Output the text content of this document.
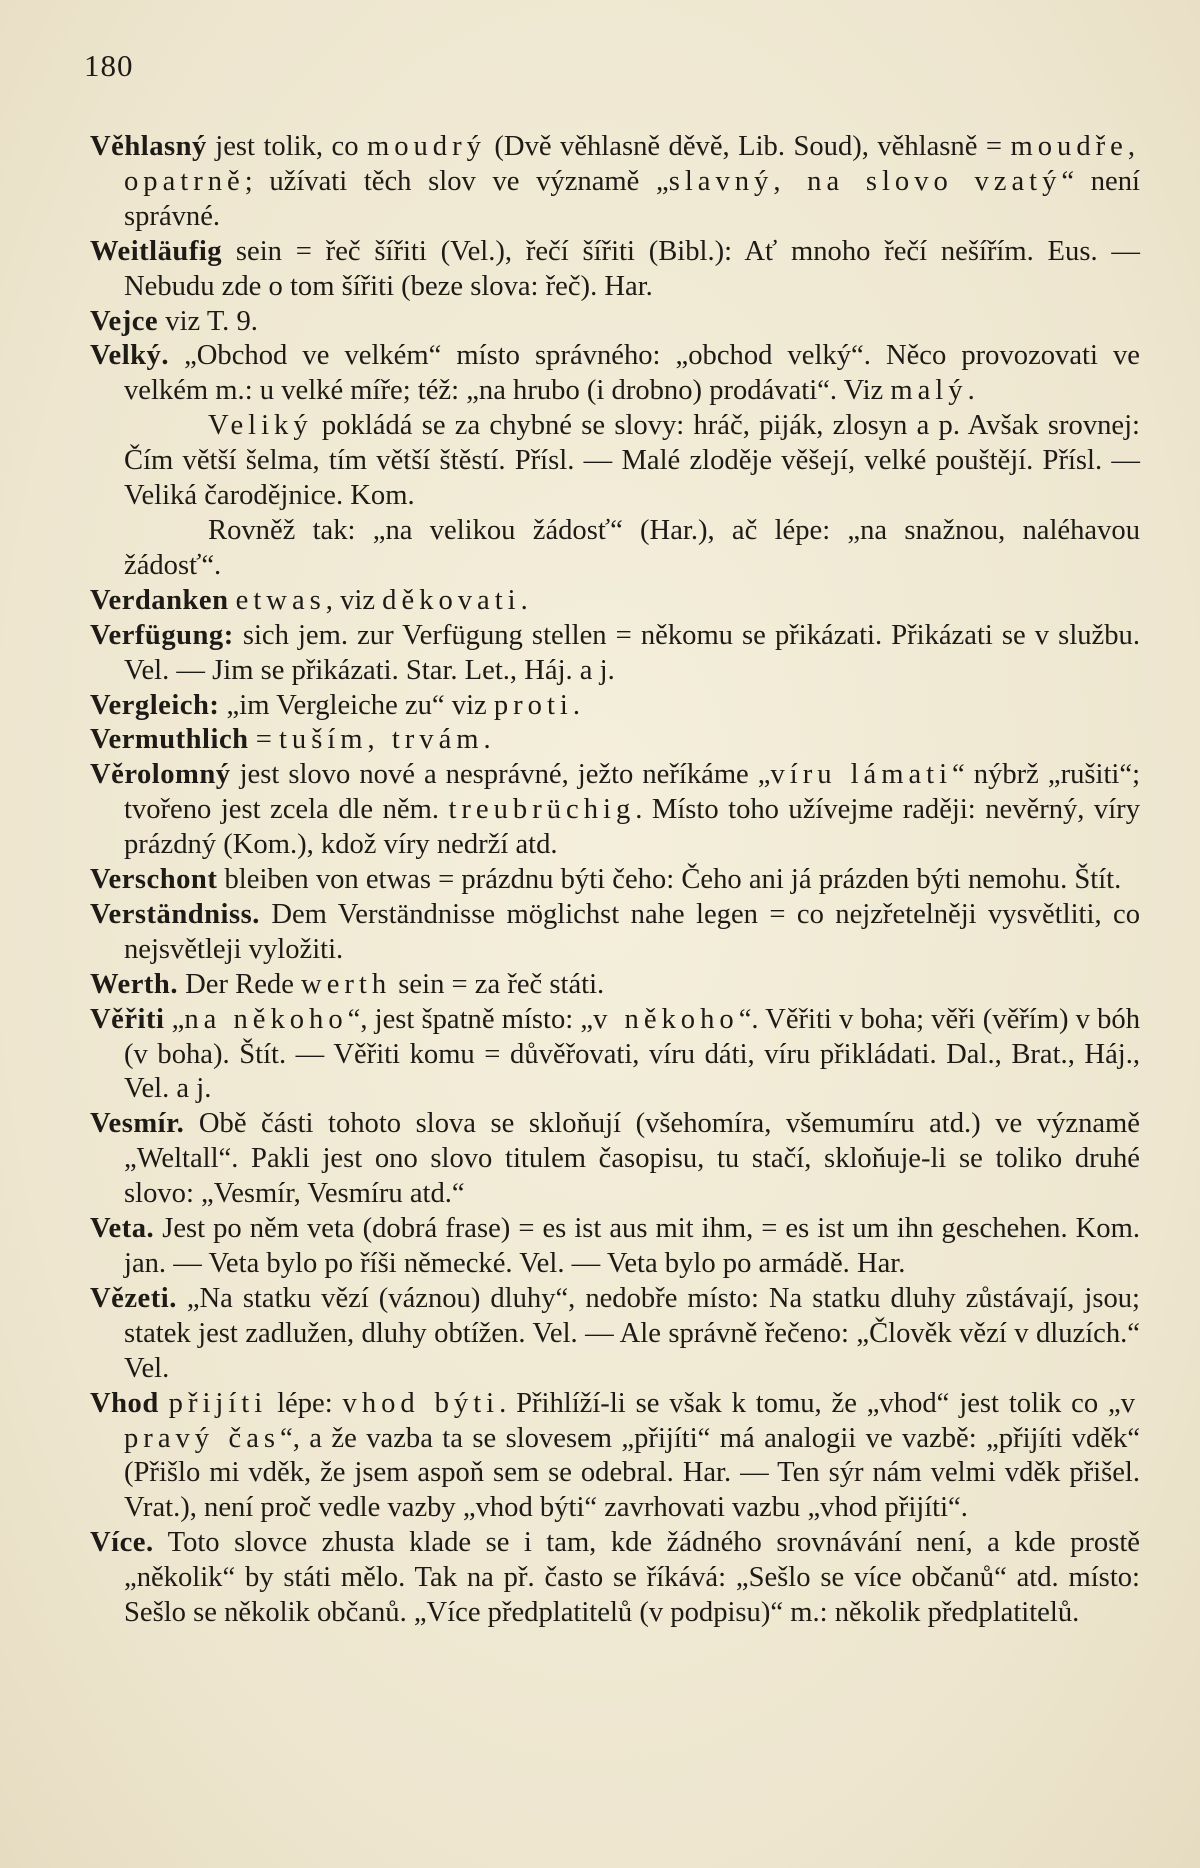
180

Věhlasný jest tolik, co moudrý (Dvě věhlasně děvě, Lib. Soud), věhlasně = moudře, opatrně; užívati těch slov ve významě „slavný, na slovo vzatý“ není správné.

Weitläufig sein = řeč šířiti (Vel.), řečí šířiti (Bibl.): Ať mnoho řečí nešířím. Eus. — Nebudu zde o tom šířiti (beze slova: řeč). Har.

Vejce viz T. 9.

Velký. „Obchod ve velkém“ místo správného: „obchod velký“. Něco provozovati ve velkém m.: u velké míře; též: „na hrubo (i drobno) prodávati“. Viz malý.

Veliký pokládá se za chybné se slovy: hráč, piják, zlosyn a p. Avšak srovnej: Čím větší šelma, tím větší štěstí. Přísl. — Malé zloděje věšejí, velké pouštějí. Přísl. — Veliká čarodějnice. Kom.

Rovněž tak: „na velikou žádosť“ (Har.), ač lépe: „na snažnou, naléhavou žádosť“.

Verdanken etwas, viz děkovati.

Verfügung: sich jem. zur Verfügung stellen = někomu se přikázati. Přikázati se v službu. Vel. — Jim se přikázati. Star. Let., Háj. a j.

Vergleich: „im Vergleiche zu“ viz proti.

Vermuthlich = tuším, trvám.

Věrolomný jest slovo nové a nesprávné, ježto neříkáme „víru lámati“ nýbrž „rušiti“; tvořeno jest zcela dle něm. treubrüchig. Místo toho užívejme raději: nevěrný, víry prázdný (Kom.), kdož víry nedrží atd.

Verschont bleiben von etwas = prázdnu býti čeho: Čeho ani já prázden býti nemohu. Štít.

Verständniss. Dem Verständnisse möglichst nahe legen = co nejzřetelněji vysvětliti, co nejsvětleji vyložiti.

Werth. Der Rede werth sein = za řeč státi.

Věřiti „na někoho“, jest špatně místo: „v někoho“. Věřiti v boha; věři (věřím) v bóh (v boha). Štít. — Věřiti komu = důvěřovati, víru dáti, víru přikládati. Dal., Brat., Háj., Vel. a j.

Vesmír. Obě části tohoto slova se skloňují (všehomíra, všemumíru atd.) ve významě „Weltall“. Pakli jest ono slovo titulem časopisu, tu stačí, skloňuje-li se toliko druhé slovo: „Vesmír, Vesmíru atd.“

Veta. Jest po něm veta (dobrá frase) = es ist aus mit ihm, = es ist um ihn geschehen. Kom. jan. — Veta bylo po říši německé. Vel. — Veta bylo po armádě. Har.

Vězeti. „Na statku vězí (váznou) dluhy“, nedobře místo: Na statku dluhy zůstávají, jsou; statek jest zadlužen, dluhy obtížen. Vel. — Ale správně řečeno: „Člověk vězí v dluzích.“ Vel.

Vhod přijíti lépe: vhod býti. Přihlíží-li se však k tomu, že „vhod“ jest tolik co „v pravý čas“, a že vazba ta se slovesem „přijíti“ má analogii ve vazbě: „přijíti vděk“ (Přišlo mi vděk, že jsem aspoň sem se odebral. Har. — Ten sýr nám velmi vděk přišel. Vrat.), není proč vedle vazby „vhod býti“ zavrhovati vazbu „vhod přijíti“.

Více. Toto slovce zhusta klade se i tam, kde žádného srovnávání není, a kde prostě „několik“ by státi mělo. Tak na př. často se říkává: „Sešlo se více občanů“ atd. místo: Sešlo se několik občanů. „Více předplatitelů (v podpisu)“ m.: několik předplatitelů.
